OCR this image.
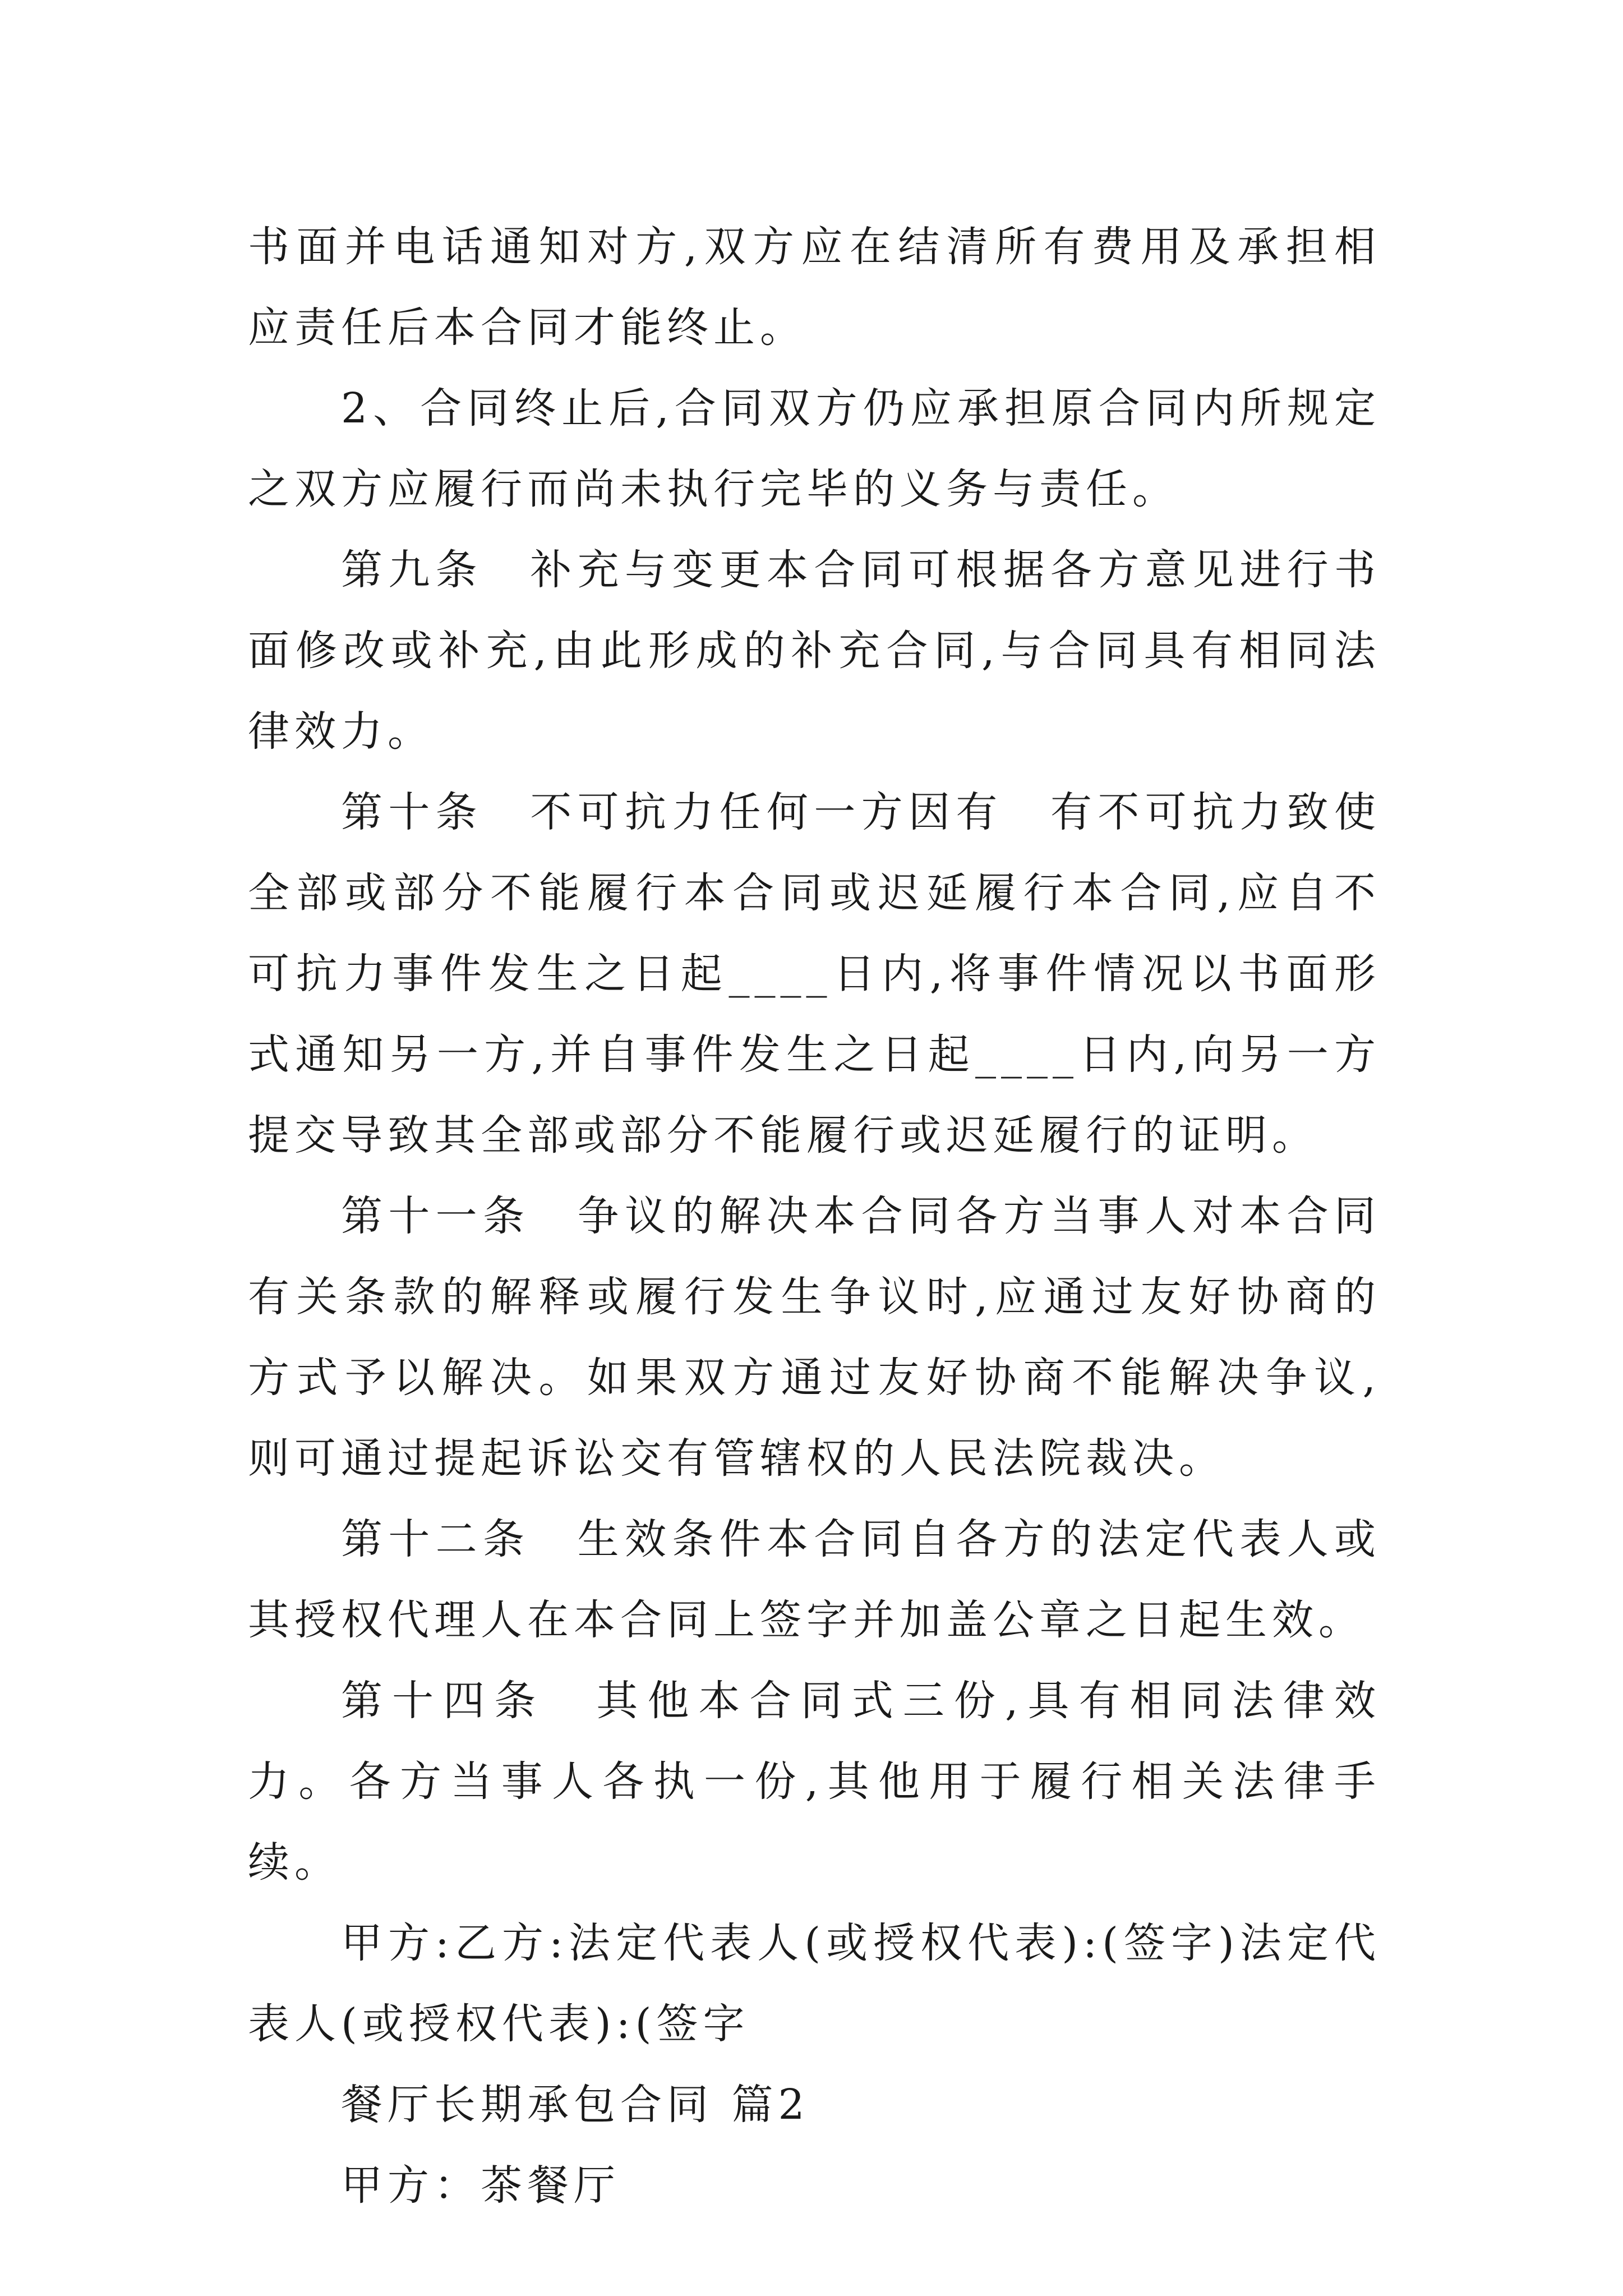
书面并电话通知对方,双方应在结清所有费用及承担相应责任后本合同才能终止。

2、合同终止后,合同双方仍应承担原合同内所规定之双方应履行而尚未执行完毕的义务与责任。

第九条　补充与变更本合同可根据各方意见进行书面修改或补充,由此形成的补充合同,与合同具有相同法律效力。

第十条　不可抗力任何一方因有　有不可抗力致使全部或部分不能履行本合同或迟延履行本合同,应自不可抗力事件发生之日起____日内,将事件情况以书面形式通知另一方,并自事件发生之日起____日内,向另一方提交导致其全部或部分不能履行或迟延履行的证明。

第十一条　争议的解决本合同各方当事人对本合同有关条款的解释或履行发生争议时,应通过友好协商的方式予以解决。如果双方通过友好协商不能解决争议,则可通过提起诉讼交有管辖权的人民法院裁决。

第十二条　生效条件本合同自各方的法定代表人或其授权代理人在本合同上签字并加盖公章之日起生效。

第十四条　其他本合同式三份,具有相同法律效力。各方当事人各执一份,其他用于履行相关法律手续。

甲方:乙方:法定代表人(或授权代表):(签字)法定代表人(或授权代表):(签字

餐厅长期承包合同 篇2

甲方：茶餐厅
